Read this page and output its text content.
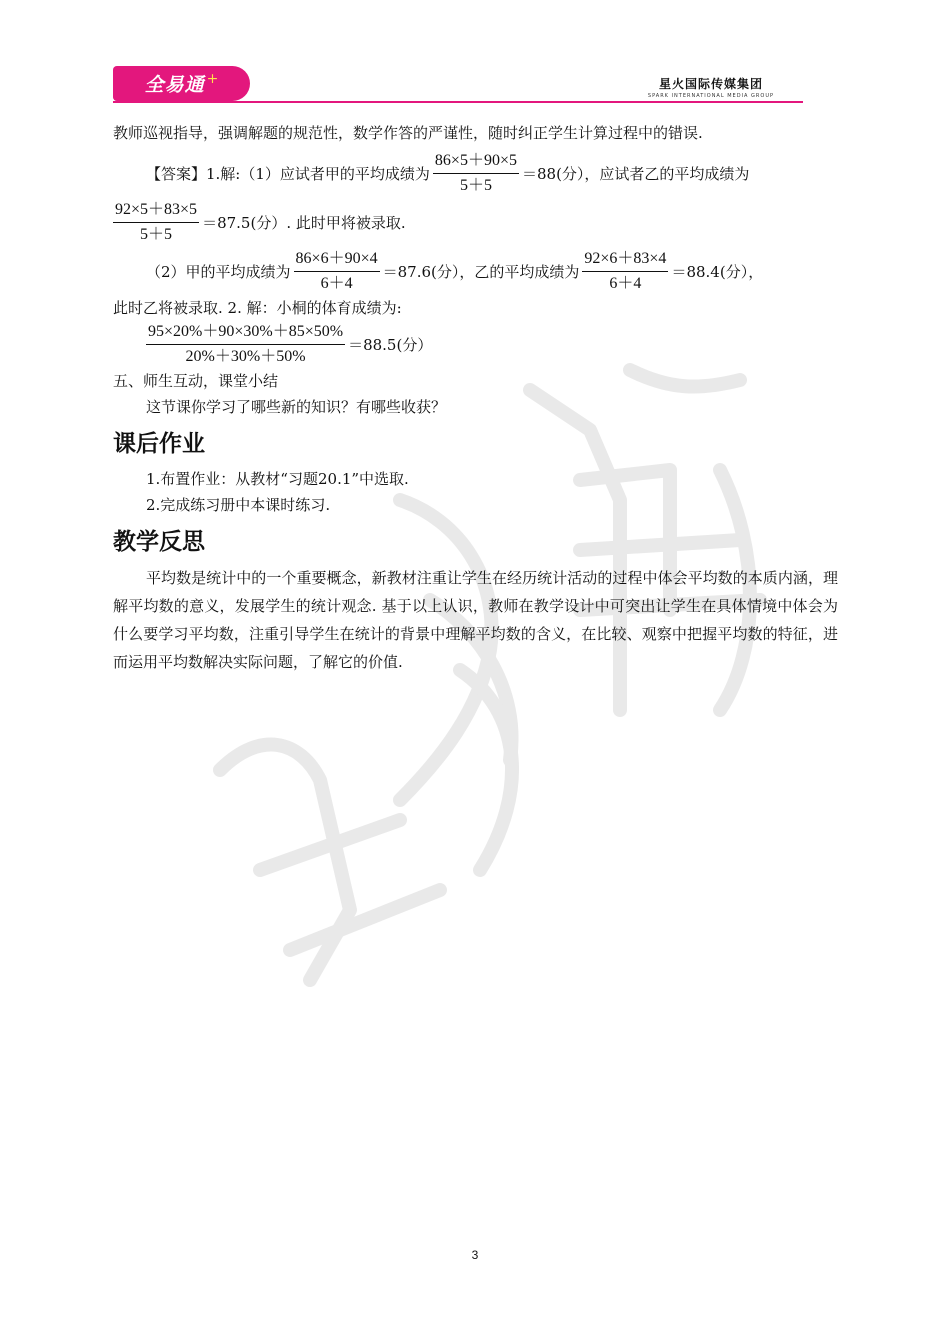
全易通 +	星火国际传媒集团
SPARK INTERNATIONAL MEDIA GROUP

教师巡视指导，强调解题的规范性，数学作答的严谨性，随时纠正学生计算过程中的错误.

【答案】1.解:（1）应试者甲的平均成绩为 $\frac{86\times 5+90\times 5}{5+5} =88$(分），应试者乙的平均成绩为
$\frac{92\times 5+83\times 5}{5+5} =87.5$(分）. 此时甲将被录取.
（2）甲的平均成绩为 $\frac{86\times 6+90\times 4}{6+4} =87.6$(分），乙的平均成绩为 $\frac{92\times 6+83\times 4}{6+4} =88.4$(分），

此时乙将被录取. 2. 解：小桐的体育成绩为:

$\frac{95\times 20\%+90\times 30\%+85\times 50\%}{20\%+30\%+50\%} =88.5$(分）

五、师生互动，课堂小结

这节课你学习了哪些新的知识？有哪些收获？

课后作业

1.布置作业：从教材“习题20.1”中选取.

2.完成练习册中本课时练习.

教学反思

平均数是统计中的一个重要概念，新教材注重让学生在经历统计活动的过程中体会平均数的本质内涵，理解平均数的意义，发展学生的统计观念. 基于以上认识，教师在教学设计中可突出让学生在具体情境中体会为什么要学习平均数，注重引导学生在统计的背景中理解平均数的含义，在比较、观察中把握平均数的特征，进而运用平均数解决实际问题，了解它的价值.

3
